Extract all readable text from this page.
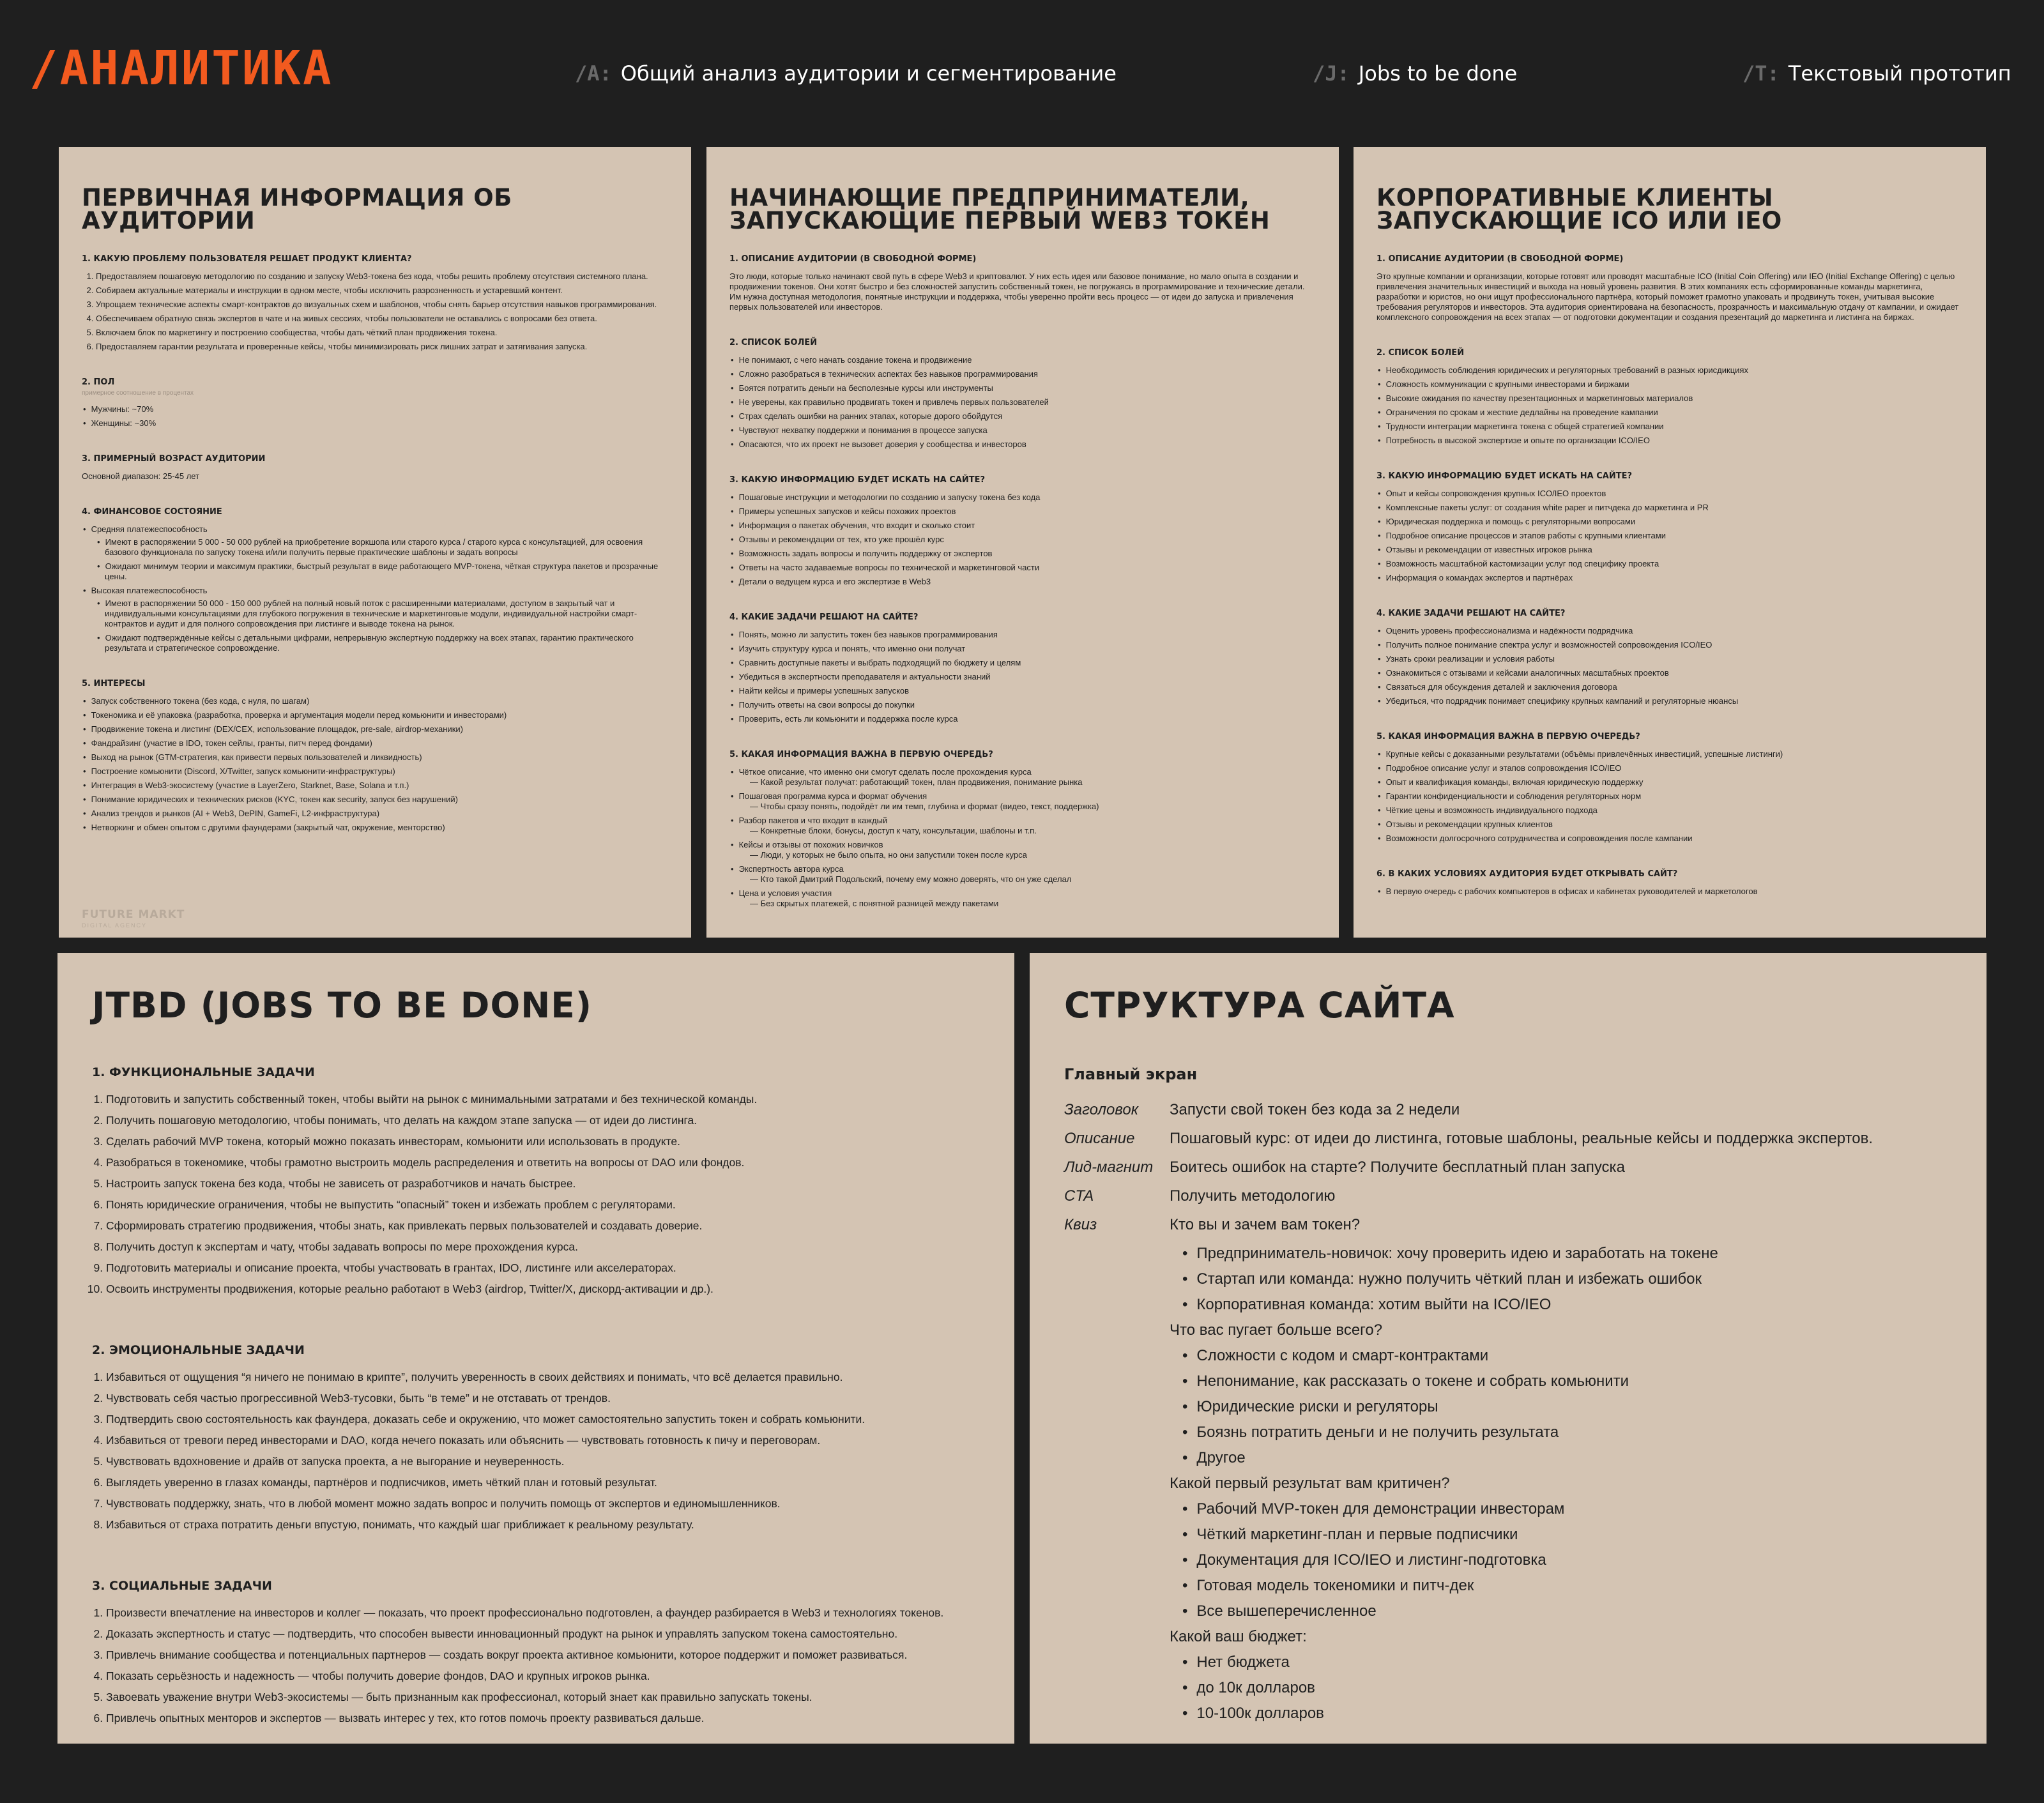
/АНАЛИТИКА	/A: Общий анализ аудитории и сегментирование	/J: Jobs to be done	/T: Текстовый прототип
ПЕРВИЧНАЯ ИНФОРМАЦИЯ ОБ АУДИТОРИИ
1. КАКУЮ ПРОБЛЕМУ ПОЛЬЗОВАТЕЛЯ РЕШАЕТ ПРОДУКТ КЛИЕНТА?
1. Предоставляем пошаговую методологию по созданию и запуску Web3-токена без кода, чтобы решить проблему отсутствия системного плана.
2. Собираем актуальные материалы и инструкции в одном месте, чтобы исключить разрозненность и устаревший контент.
3. Упрощаем технические аспекты смарт-контрактов до визуальных схем и шаблонов, чтобы снять барьер отсутствия навыков программирования.
4. Обеспечиваем обратную связь экспертов в чате и на живых сессиях, чтобы пользователи не оставались с вопросами без ответа.
5. Включаем блок по маркетингу и построению сообщества, чтобы дать чёткий план продвижения токена.
6. Предоставляем гарантии результата и проверенные кейсы, чтобы минимизировать риск лишних затрат и затягивания запуска.
2. ПОЛ
примерное соотношение в процентах
• Мужчины: ~70%
• Женщины: ~30%
3. ПРИМЕРНЫЙ ВОЗРАСТ АУДИТОРИИ

Основной диапазон: 25-45 лет

4. ФИНАНСОВОЕ СОСТОЯНИЕ
• Средняя платежеспособность
• Имеют в распоряжении 5 000 - 50 000 рублей на приобретение воркшопа или старого курса / старого курса с консультацией, для освоения базового функционала по запуску токена и/или получить первые практические шаблоны и задать вопросы
• Ожидают минимум теории и максимум практики, быстрый результат в виде работающего MVP-токена, чёткая структура пакетов и прозрачные цены.
• Высокая платежеспособность
• Имеют в распоряжении 50 000 - 150 000 рублей на полный новый поток с расширенными материалами, доступом в закрытый чат и индивидуальными консультациями для глубокого погружения в технические и маркетинговые модули, индивидуальной настройки смарт-контрактов и аудит и для полного сопровождения при листинге и выводе токена на рынок.
• Ожидают подтверждённые кейсы с детальными цифрами, непрерывную экспертную поддержку на всех этапах, гарантию практического результата и стратегическое сопровождение.
5. ИНТЕРЕСЫ
• Запуск собственного токена (без кода, с нуля, по шагам)
• Токеномика и её упаковка (разработка, проверка и аргументация модели перед комьюнити и инвесторами)
• Продвижение токена и листинг (DEX/CEX, использование площадок, pre-sale, airdrop-механики)
• Фандрайзинг (участие в IDO, токен сейлы, гранты, питч перед фондами)
• Выход на рынок (GTM-стратегия, как привести первых пользователей и ликвидность)
• Построение комьюнити (Discord, X/Twitter, запуск комьюнити-инфраструктуры)
• Интеграция в Web3-экосистему (участие в LayerZero, Starknet, Base, Solana и т.п.)
• Понимание юридических и технических рисков (KYC, токен как security, запуск без нарушений)
• Анализ трендов и рынков (AI + Web3, DePIN, GameFi, L2-инфраструктура)
• Нетворкинг и обмен опытом с другими фаундерами (закрытый чат, окружение, менторство)
FUTURE MARKT
DIGITAL AGENCY
НАЧИНАЮЩИЕ ПРЕДПРИНИМАТЕЛИ, ЗАПУСКАЮЩИЕ ПЕРВЫЙ WEB3 ТОКЕН
1. ОПИСАНИЕ АУДИТОРИИ (В СВОБОДНОЙ ФОРМЕ)

Это люди, которые только начинают свой путь в сфере Web3 и криптовалют. У них есть идея или базовое понимание, но мало опыта в создании и продвижении токенов. Они хотят быстро и без сложностей запустить собственный токен, не погружаясь в программирование и технические детали. Им нужна доступная методология, понятные инструкции и поддержка, чтобы уверенно пройти весь процесс — от идеи до запуска и привлечения первых пользователей или инвесторов.

2. СПИСОК БОЛЕЙ
• Не понимают, с чего начать создание токена и продвижение
• Сложно разобраться в технических аспектах без навыков программирования
• Боятся потратить деньги на бесполезные курсы или инструменты
• Не уверены, как правильно продвигать токен и привлечь первых пользователей
• Страх сделать ошибки на ранних этапах, которые дорого обойдутся
• Чувствуют нехватку поддержки и понимания в процессе запуска
• Опасаются, что их проект не вызовет доверия у сообщества и инвесторов
3. КАКУЮ ИНФОРМАЦИЮ БУДЕТ ИСКАТЬ НА САЙТЕ?
• Пошаговые инструкции и методологии по созданию и запуску токена без кода
• Примеры успешных запусков и кейсы похожих проектов
• Информация о пакетах обучения, что входит и сколько стоит
• Отзывы и рекомендации от тех, кто уже прошёл курс
• Возможность задать вопросы и получить поддержку от экспертов
• Ответы на часто задаваемые вопросы по технической и маркетинговой части
• Детали о ведущем курса и его экспертизе в Web3
4. КАКИЕ ЗАДАЧИ РЕШАЮТ НА САЙТЕ?
• Понять, можно ли запустить токен без навыков программирования
• Изучить структуру курса и понять, что именно они получат
• Сравнить доступные пакеты и выбрать подходящий по бюджету и целям
• Убедиться в экспертности преподавателя и актуальности знаний
• Найти кейсы и примеры успешных запусков
• Получить ответы на свои вопросы до покупки
• Проверить, есть ли комьюнити и поддержка после курса
5. КАКАЯ ИНФОРМАЦИЯ ВАЖНА В ПЕРВУЮ ОЧЕРЕДЬ?
• Чёткое описание, что именно они смогут сделать после прохождения курса
— Какой результат получат: работающий токен, план продвижения, понимание рынка
• Пошаговая программа курса и формат обучения
— Чтобы сразу понять, подойдёт ли им темп, глубина и формат (видео, текст, поддержка)
• Разбор пакетов и что входит в каждый
— Конкретные блоки, бонусы, доступ к чату, консультации, шаблоны и т.п.
• Кейсы и отзывы от похожих новичков
— Люди, у которых не было опыта, но они запустили токен после курса
• Экспертность автора курса
— Кто такой Дмитрий Подольский, почему ему можно доверять, что он уже сделал
• Цена и условия участия
— Без скрытых платежей, с понятной разницей между пакетами
КОРПОРАТИВНЫЕ КЛИЕНТЫ ЗАПУСКАЮЩИЕ ICO ИЛИ IEO
1. ОПИСАНИЕ АУДИТОРИИ (В СВОБОДНОЙ ФОРМЕ)

Это крупные компании и организации, которые готовят или проводят масштабные ICO (Initial Coin Offering) или IEO (Initial Exchange Offering) с целью привлечения значительных инвестиций и выхода на новый уровень развития. В этих компаниях есть сформированные команды маркетинга, разработки и юристов, но они ищут профессионального партнёра, который поможет грамотно упаковать и продвинуть токен, учитывая высокие требования регуляторов и инвесторов. Эта аудитория ориентирована на безопасность, прозрачность и максимальную отдачу от кампании, и ожидает комплексного сопровождения на всех этапах — от подготовки документации и создания презентаций до маркетинга и листинга на биржах.

2. СПИСОК БОЛЕЙ
• Необходимость соблюдения юридических и регуляторных требований в разных юрисдикциях
• Сложность коммуникации с крупными инвесторами и биржами
• Высокие ожидания по качеству презентационных и маркетинговых материалов
• Ограничения по срокам и жесткие дедлайны на проведение кампании
• Трудности интеграции маркетинга токена с общей стратегией компании
• Потребность в высокой экспертизе и опыте по организации ICO/IEO
3. КАКУЮ ИНФОРМАЦИЮ БУДЕТ ИСКАТЬ НА САЙТЕ?
• Опыт и кейсы сопровождения крупных ICO/IEO проектов
• Комплексные пакеты услуг: от создания white paper и питчдека до маркетинга и PR
• Юридическая поддержка и помощь с регуляторными вопросами
• Подробное описание процессов и этапов работы с крупными клиентами
• Отзывы и рекомендации от известных игроков рынка
• Возможность масштабной кастомизации услуг под специфику проекта
• Информация о командах экспертов и партнёрах
4. КАКИЕ ЗАДАЧИ РЕШАЮТ НА САЙТЕ?
• Оценить уровень профессионализма и надёжности подрядчика
• Получить полное понимание спектра услуг и возможностей сопровождения ICO/IEO
• Узнать сроки реализации и условия работы
• Ознакомиться с отзывами и кейсами аналогичных масштабных проектов
• Связаться для обсуждения деталей и заключения договора
• Убедиться, что подрядчик понимает специфику крупных кампаний и регуляторные нюансы
5. КАКАЯ ИНФОРМАЦИЯ ВАЖНА В ПЕРВУЮ ОЧЕРЕДЬ?
• Крупные кейсы с доказанными результатами (объёмы привлечённых инвестиций, успешные листинги)
• Подробное описание услуг и этапов сопровождения ICO/IEO
• Опыт и квалификация команды, включая юридическую поддержку
• Гарантии конфиденциальности и соблюдения регуляторных норм
• Чёткие цены и возможность индивидуального подхода
• Отзывы и рекомендации крупных клиентов
• Возможности долгосрочного сотрудничества и сопровождения после кампании
6. В КАКИХ УСЛОВИЯХ АУДИТОРИЯ БУДЕТ ОТКРЫВАТЬ САЙТ?
• В первую очередь с рабочих компьютеров в офисах и кабинетах руководителей и маркетологов
JTBD (JOBS TO BE DONE)
1. ФУНКЦИОНАЛЬНЫЕ ЗАДАЧИ
1. Подготовить и запустить собственный токен, чтобы выйти на рынок с минимальными затратами и без технической команды.
2. Получить пошаговую методологию, чтобы понимать, что делать на каждом этапе запуска — от идеи до листинга.
3. Сделать рабочий MVP токена, который можно показать инвесторам, комьюнити или использовать в продукте.
4. Разобраться в токеномике, чтобы грамотно выстроить модель распределения и ответить на вопросы от DAO или фондов.
5. Настроить запуск токена без кода, чтобы не зависеть от разработчиков и начать быстрее.
6. Понять юридические ограничения, чтобы не выпустить “опасный” токен и избежать проблем с регуляторами.
7. Сформировать стратегию продвижения, чтобы знать, как привлекать первых пользователей и создавать доверие.
8. Получить доступ к экспертам и чату, чтобы задавать вопросы по мере прохождения курса.
9. Подготовить материалы и описание проекта, чтобы участвовать в грантах, IDO, листинге или акселераторах.
10. Освоить инструменты продвижения, которые реально работают в Web3 (airdrop, Twitter/X, дискорд-активации и др.).
2. ЭМОЦИОНАЛЬНЫЕ ЗАДАЧИ
1. Избавиться от ощущения “я ничего не понимаю в крипте”, получить уверенность в своих действиях и понимать, что всё делается правильно.
2. Чувствовать себя частью прогрессивной Web3-тусовки, быть “в теме” и не отставать от трендов.
3. Подтвердить свою состоятельность как фаундера, доказать себе и окружению, что может самостоятельно запустить токен и собрать комьюнити.
4. Избавиться от тревоги перед инвесторами и DAO, когда нечего показать или объяснить — чувствовать готовность к пичу и переговорам.
5. Чувствовать вдохновение и драйв от запуска проекта, а не выгорание и неуверенность.
6. Выглядеть уверенно в глазах команды, партнёров и подписчиков, иметь чёткий план и готовый результат.
7. Чувствовать поддержку, знать, что в любой момент можно задать вопрос и получить помощь от экспертов и единомышленников.
8. Избавиться от страха потратить деньги впустую, понимать, что каждый шаг приближает к реальному результату.
3. СОЦИАЛЬНЫЕ ЗАДАЧИ
1. Произвести впечатление на инвесторов и коллег — показать, что проект профессионально подготовлен, а фаундер разбирается в Web3 и технологиях токенов.
2. Доказать экспертность и статус — подтвердить, что способен вывести инновационный продукт на рынок и управлять запуском токена самостоятельно.
3. Привлечь внимание сообщества и потенциальных партнеров — создать вокруг проекта активное комьюнити, которое поддержит и поможет развиваться.
4. Показать серьёзность и надежность — чтобы получить доверие фондов, DAO и крупных игроков рынка.
5. Завоевать уважение внутри Web3-экосистемы — быть признанным как профессионал, который знает как правильно запускать токены.
6. Привлечь опытных менторов и экспертов — вызвать интерес у тех, кто готов помочь проекту развиваться дальше.
СТРУКТУРА САЙТА
Главный экран
Заголовок	Запусти свой токен без кода за 2 недели
Описание	Пошаговый курс: от идеи до листинга, готовые шаблоны, реальные кейсы и поддержка экспертов.
Лид-магнит	Боитесь ошибок на старте? Получите бесплатный план запуска
CTA	Получить методологию
Квиз	Кто вы и зачем вам токен?
• Предприниматель-новичок: хочу проверить идею и заработать на токене
• Стартап или команда: нужно получить чёткий план и избежать ошибок
• Корпоративная команда: хотим выйти на ICO/IEO
Что вас пугает больше всего?
• Сложности с кодом и смарт-контрактами
• Непонимание, как рассказать о токене и собрать комьюнити
• Юридические риски и регуляторы
• Боязнь потратить деньги и не получить результата
• Другое
Какой первый результат вам критичен?
• Рабочий MVP-токен для демонстрации инвесторам
• Чёткий маркетинг-план и первые подписчики
• Документация для ICO/IEO и листинг-подготовка
• Готовая модель токеномики и питч-дек
• Все вышеперечисленное
Какой ваш бюджет:
• Нет бюджета
• до 10к долларов
• 10-100к долларов
